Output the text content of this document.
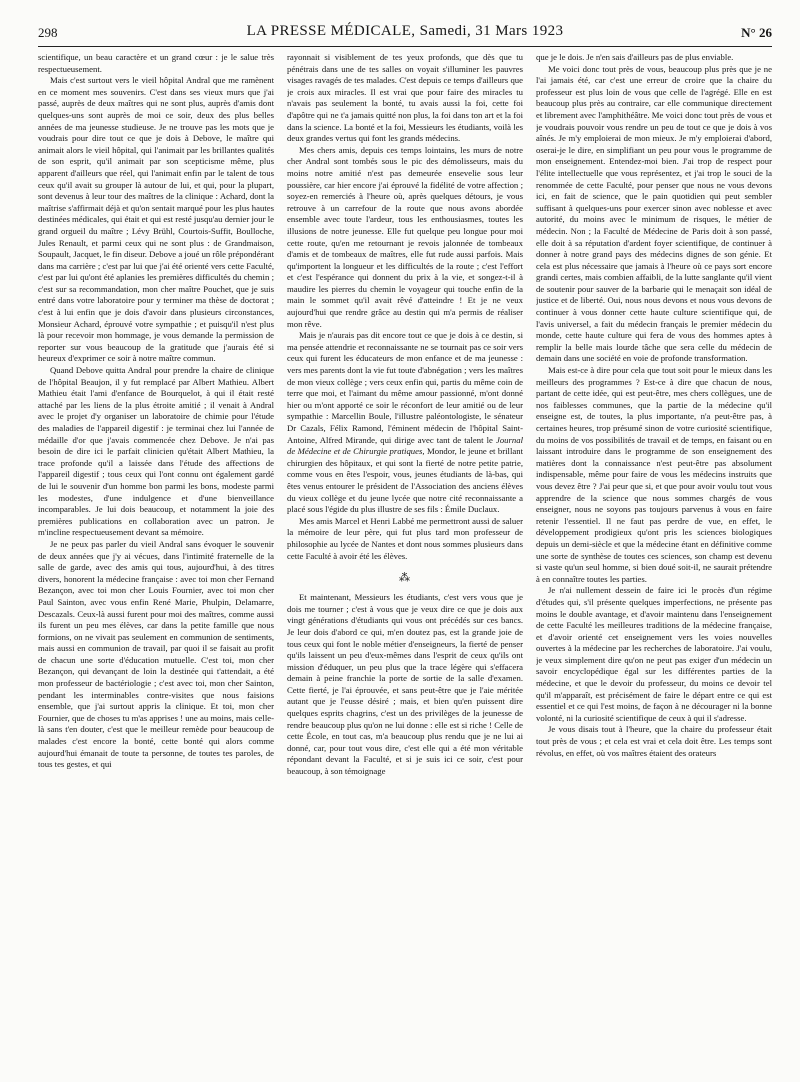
298	LA PRESSE MÉDICALE, Samedi, 31 Mars 1923	N° 26

scientifique, un beau caractère et un grand cœur : je le salue très respectueusement.

Mais c'est surtout vers le vieil hôpital Andral que me ramènent en ce moment mes souvenirs. C'est dans ses vieux murs que j'ai passé, auprès de deux maîtres qui ne sont plus, auprès d'amis dont quelques-uns sont auprès de moi ce soir, deux des plus belles années de ma jeunesse studieuse. Je ne trouve pas les mots que je voudrais pour dire tout ce que je dois à Debove, le maître qui animait alors le vieil hôpital, qui l'animait par les brillantes qualités de son esprit, qu'il animait par son scepticisme même, plus apparent d'ailleurs que réel, qui l'animait enfin par le talent de tous ceux qu'il avait su grouper là autour de lui, et qui, pour la plupart, sont devenus à leur tour des maîtres de la clinique : Achard, dont la maîtrise s'affirmait déjà et qu'on sentait marqué pour les plus hautes destinées médicales, qui était et qui est resté jusqu'au dernier jour le grand orgueil du maître ; Lévy Brühl, Courtois-Suffit, Boulloche, Jules Renault, et parmi ceux qui ne sont plus : de Grandmaison, Soupault, Jacquet, le fin diseur. Debove a joué un rôle prépondérant dans ma carrière ; c'est par lui que j'ai été orienté vers cette Faculté, c'est par lui qu'ont été aplanies les premières difficultés du chemin ; c'est sur sa recommandation, mon cher maître Pouchet, que je suis entré dans votre laboratoire pour y terminer ma thèse de doctorat ; c'est à lui enfin que je dois d'avoir dans plusieurs circonstances, Monsieur Achard, éprouvé votre sympathie ; et puisqu'il n'est plus là pour recevoir mon hommage, je vous demande la permission de reporter sur vous beaucoup de la gratitude que j'aurais été si heureux d'exprimer ce soir à notre maître commun.

Quand Debove quitta Andral pour prendre la chaire de clinique de l'hôpital Beaujon, il y fut remplacé par Albert Mathieu. Albert Mathieu était l'ami d'enfance de Bourquelot, à qui il était resté attaché par les liens de la plus étroite amitié ; il venait à Andral avec le projet d'y organiser un laboratoire de chimie pour l'étude des maladies de l'appareil digestif : je terminai chez lui l'année de médaille d'or que j'avais commencée chez Debove. Je n'ai pas besoin de dire ici le parfait clinicien qu'était Albert Mathieu, la trace profonde qu'il a laissée dans l'étude des affections de l'appareil digestif ; tous ceux qui l'ont connu ont également gardé de lui le souvenir d'un homme bon parmi les bons, modeste parmi les modestes, d'une indulgence et d'une bienveillance incomparables. Je lui dois beaucoup, et notamment la joie des premières publications en collaboration avec un patron. Je m'incline respectueusement devant sa mémoire.

Je ne peux pas parler du vieil Andral sans évoquer le souvenir de deux années que j'y ai vécues, dans l'intimité fraternelle de la salle de garde, avec des amis qui tous, aujourd'hui, à des titres divers, honorent la médecine française : avec toi mon cher Fernand Bezançon, avec toi mon cher Louis Fournier, avec toi mon cher Paul Sainton, avec vous enfin René Marie, Phulpin, Delamarre, Descazals. Ceux-là aussi furent pour moi des maîtres, comme aussi ils furent un peu mes élèves, car dans la petite famille que nous formions, on ne vivait pas seulement en communion de sentiments, mais aussi en communion de travail, par quoi il se faisait au profit de chacun une sorte d'éducation mutuelle. C'est toi, mon cher Bezançon, qui devançant de loin la destinée qui t'attendait, a été mon professeur de bactériologie ; c'est avec toi, mon cher Sainton, pendant les interminables contre-visites que nous faisions ensemble, que j'ai surtout appris la clinique. Et toi, mon cher Fournier, que de choses tu m'as apprises ! une au moins, mais celle-là sans t'en douter, c'est que le meilleur remède pour beaucoup de malades c'est encore la bonté, cette bonté qui alors comme aujourd'hui émanait de toute ta personne, de toutes tes paroles, de tous tes gestes, et qui

rayonnait si visiblement de tes yeux profonds, que dès que tu pénétrais dans une de tes salles on voyait s'illuminer les pauvres visages ravagés de tes malades. C'est depuis ce temps d'ailleurs que je crois aux miracles. Il est vrai que pour faire des miracles tu n'avais pas seulement la bonté, tu avais aussi la foi, cette foi d'apôtre qui ne t'a jamais quitté non plus, la foi dans ton art et la foi dans la science. La bonté et la foi, Messieurs les étudiants, voilà les deux grandes vertus qui font les grands médecins.

Mes chers amis, depuis ces temps lointains, les murs de notre cher Andral sont tombés sous le pic des démolisseurs, mais du moins notre amitié n'est pas demeurée ensevelie sous leur poussière, car hier encore j'ai éprouvé la fidélité de votre affection ; soyez-en remerciés à l'heure où, après quelques détours, je vous retrouve à un carrefour de la route que nous avons abordée ensemble avec toute l'ardeur, tous les enthousiasmes, toutes les illusions de notre jeunesse. Elle fut quelque peu longue pour moi cette route, qu'en me retournant je revois jalonnée de tombeaux d'amis et de tombeaux de maîtres, elle fut rude aussi parfois. Mais qu'importent la longueur et les difficultés de la route ; c'est l'effort et c'est l'espérance qui donnent du prix à la vie, et songez-t-il à maudire les pierres du chemin le voyageur qui touche enfin de la main le sommet qu'il avait rêvé d'atteindre ! Et je ne veux aujourd'hui que rendre grâce au destin qui m'a permis de réaliser mon rêve.

Mais je n'aurais pas dit encore tout ce que je dois à ce destin, si ma pensée attendrie et reconnaissante ne se tournait pas ce soir vers ceux qui furent les éducateurs de mon enfance et de ma jeunesse : vers mes parents dont la vie fut toute d'abnégation ; vers les maîtres de mon vieux collège ; vers ceux enfin qui, partis du même coin de terre que moi, et l'aimant du même amour passionné, m'ont donné hier ou m'ont apporté ce soir le réconfort de leur amitié ou de leur sympathie : Marcellin Boule, l'illustre paléontologiste, le sénateur Dr Cazals, Félix Ramond, l'éminent médecin de l'hôpital Saint-Antoine, Alfred Mirande, qui dirige avec tant de talent le Journal de Médecine et de Chirurgie pratiques, Mondor, le jeune et brillant chirurgien des hôpitaux, et qui sont la fierté de notre petite patrie, comme vous en êtes l'espoir, vous, jeunes étudiants de là-bas, qui êtes venus entourer le président de l'Association des anciens élèves du vieux collège et du jeune lycée que notre cité reconnaissante a placé sous l'égide du plus illustre de ses fils : Émile Duclaux.

Mes amis Marcel et Henri Labbé me permettront aussi de saluer la mémoire de leur père, qui fut plus tard mon professeur de philosophie au lycée de Nantes et dont nous sommes plusieurs dans cette Faculté à avoir été les élèves.

⁂

Et maintenant, Messieurs les étudiants, c'est vers vous que je dois me tourner ; c'est à vous que je veux dire ce que je dois aux vingt générations d'étudiants qui vous ont précédés sur ces bancs. Je leur dois d'abord ce qui, m'en doutez pas, est la grande joie de tous ceux qui font le noble métier d'enseigneurs, la fierté de penser qu'ils laissent un peu d'eux-mêmes dans l'esprit de ceux qu'ils ont mission d'éduquer, un peu plus que la trace légère qui s'effacera demain à peine franchie la porte de sortie de la salle d'examen. Cette fierté, je l'ai éprouvée, et sans peut-être que je l'aie méritée autant que je l'eusse désiré ; mais, et bien qu'en puissent dire quelques esprits chagrins, c'est un des privilèges de la jeunesse de rendre beaucoup plus qu'on ne lui donne : elle est si riche ! Celle de cette École, en tout cas, m'a beaucoup plus rendu que je ne lui ai donné, car, pour tout vous dire, c'est elle qui a été mon véritable répondant devant la Faculté, et si je suis ici ce soir, c'est pour beaucoup, à son témoignage

que je le dois. Je n'en sais d'ailleurs pas de plus enviable.

Me voici donc tout près de vous, beaucoup plus près que je ne l'ai jamais été, car c'est une erreur de croire que la chaire du professeur est plus loin de vous que celle de l'agrégé. Elle en est beaucoup plus près au contraire, car elle communique directement et librement avec l'amphithéâtre. Me voici donc tout près de vous et je voudrais pouvoir vous rendre un peu de tout ce que je dois à vos aînés. Je m'y emploierai de mon mieux. Je m'y emploierai d'abord, oserai-je le dire, en simplifiant un peu pour vous le programme de mon enseignement. Entendez-moi bien. J'ai trop de respect pour l'élite intellectuelle que vous représentez, et j'ai trop le souci de la renommée de cette Faculté, pour penser que nous ne vous devons ici, en fait de science, que le pain quotidien qui peut sembler suffisant à quelques-uns pour exercer sinon avec noblesse et avec autorité, du moins avec le minimum de risques, le métier de médecin. Non ; la Faculté de Médecine de Paris doit à son passé, elle doit à sa réputation d'ardent foyer scientifique, de continuer à donner à notre grand pays des médecins dignes de son génie. Et cela est plus nécessaire que jamais à l'heure où ce pays sort encore grandi certes, mais combien affaibli, de la lutte sanglante qu'il vient de soutenir pour sauver de la barbarie qui le menaçait son idéal de justice et de liberté. Oui, nous nous devons et nous vous devons de continuer à vous donner cette haute culture scientifique qui, de l'avis universel, a fait du médecin français le premier médecin du monde, cette haute culture qui fera de vous des hommes aptes à remplir la belle mais lourde tâche que sera celle du médecin de demain dans une société en voie de profonde transformation.

Mais est-ce à dire pour cela que tout soit pour le mieux dans les meilleurs des programmes ? Est-ce à dire que chacun de nous, partant de cette idée, qui est peut-être, mes chers collègues, une de nos faiblesses communes, que la partie de la médecine qu'il enseigne est, de toutes, la plus importante, n'a peut-être pas, à certaines heures, trop présumé sinon de votre curiosité scientifique, du moins de vos possibilités de travail et de temps, en faisant ou en laissant introduire dans le programme de son enseignement des matières dont la connaissance n'est peut-être pas absolument indispensable, même pour faire de vous les médecins instruits que vous devez être ? J'ai peur que si, et que pour avoir voulu tout vous apprendre de la science que nous sommes chargés de vous enseigner, nous ne soyons pas toujours parvenus à vous en faire retenir l'essentiel. Il ne faut pas perdre de vue, en effet, le développement prodigieux qu'ont pris les sciences biologiques depuis un demi-siècle et que la médecine étant en définitive comme une sorte de synthèse de toutes ces sciences, son champ est devenu si vaste qu'un seul homme, si bien doué soit-il, ne saurait prétendre à en connaître toutes les parties.

Je n'ai nullement dessein de faire ici le procès d'un régime d'études qui, s'il présente quelques imperfections, ne présente pas moins le double avantage, et d'avoir maintenu dans l'enseignement de cette Faculté les meilleures traditions de la médecine française, et d'avoir orienté cet enseignement vers les voies nouvelles ouvertes à la médecine par les recherches de laboratoire. J'ai voulu, je veux simplement dire qu'on ne peut pas exiger d'un médecin un savoir encyclopédique égal sur les différentes parties de la médecine, et que le devoir du professeur, du moins ce devoir tel qu'il m'apparaît, est précisément de faire le départ entre ce qui est essentiel et ce qui l'est moins, de façon à ne décourager ni la bonne volonté, ni la curiosité scientifique de ceux à qui il s'adresse.

Je vous disais tout à l'heure, que la chaire du professeur était tout près de vous ; et cela est vrai et cela doit être. Les temps sont révolus, en effet, où vos maîtres étaient des orateurs
